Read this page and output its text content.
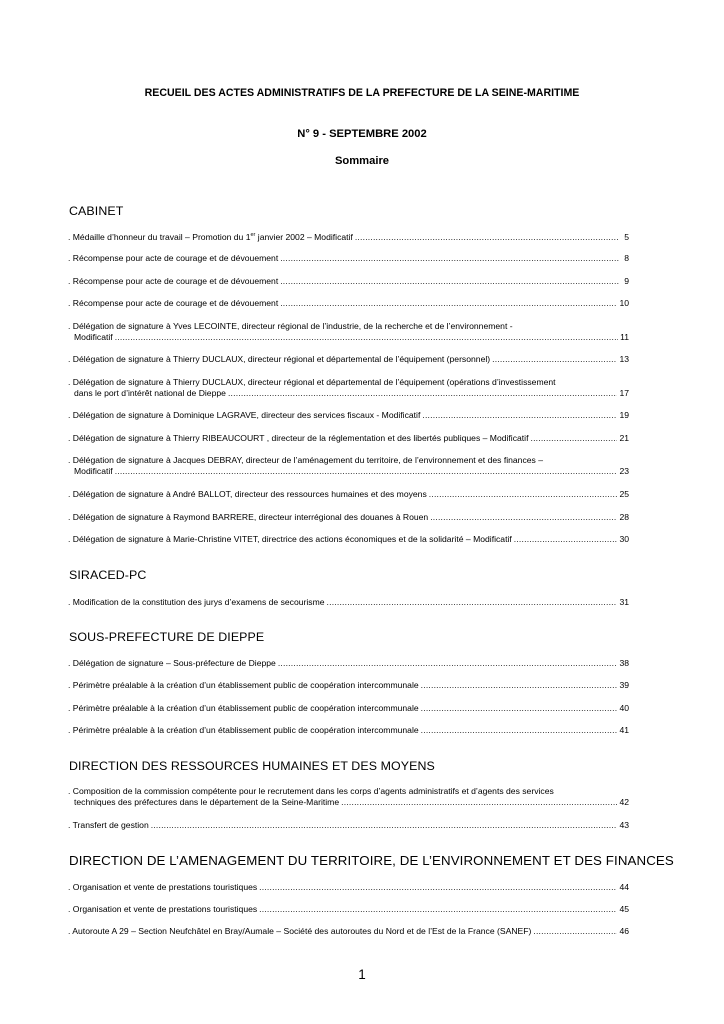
RECUEIL DES ACTES ADMINISTRATIFS DE LA PREFECTURE DE LA SEINE-MARITIME
N° 9 - SEPTEMBRE 2002
Sommaire
CABINET
. Médaille d’honneur du travail – Promotion du 1er janvier 2002 – Modificatif .....	5
. Récompense pour acte de courage et de dévouement .....	8
. Récompense pour acte de courage et de dévouement .....	9
. Récompense pour acte de courage et de dévouement .....	10
. Délégation de signature à Yves LECOINTE, directeur régional de l’industrie, de la recherche et de l’environnement -
Modificatif .....	11
. Délégation de signature à Thierry DUCLAUX, directeur régional et départemental de l’équipement (personnel) .....	13
. Délégation de signature à Thierry DUCLAUX, directeur régional et départemental de l’équipement (opérations d’investissement
dans le port d’intérêt national de Dieppe .....	17
. Délégation de signature à Dominique LAGRAVE, directeur des services fiscaux - Modificatif .....	19
. Délégation de signature à Thierry RIBEAUCOURT , directeur de la réglementation et des libertés publiques – Modificatif .....	21
. Délégation de signature à Jacques DEBRAY, directeur de l’aménagement du territoire, de l’environnement et des finances –
Modificatif .....	23
. Délégation de signature à André BALLOT, directeur des ressources humaines et des moyens .....	25
. Délégation de signature à Raymond BARRERE, directeur interrégional des douanes à Rouen .....	28
. Délégation de signature à Marie-Christine VITET, directrice des actions économiques et de la solidarité – Modificatif .....	30
SIRACED-PC
. Modification de la constitution des jurys d’examens de secourisme .....	31
SOUS-PREFECTURE DE DIEPPE
. Délégation de signature – Sous-préfecture de Dieppe .....	38
. Périmètre préalable à la création d’un établissement public de coopération intercommunale .....	39
. Périmètre préalable à la création d’un établissement public de coopération intercommunale .....	40
. Périmètre préalable à la création d’un établissement public de coopération intercommunale .....	41
DIRECTION DES RESSOURCES HUMAINES ET DES MOYENS
. Composition de la commission compétente pour le recrutement dans les corps d’agents administratifs et d’agents des services
techniques des préfectures dans le département de la Seine-Maritime .....	42
. Transfert de gestion .....	43
DIRECTION DE L’AMENAGEMENT DU TERRITOIRE, DE L’ENVIRONNEMENT ET DES FINANCES
. Organisation et vente de prestations touristiques .....	44
. Organisation et vente de prestations touristiques .....	45
. Autoroute A 29 – Section Neufchâtel en Bray/Aumale – Société des autoroutes du Nord et de l’Est de la France (SANEF) .....	46
1
